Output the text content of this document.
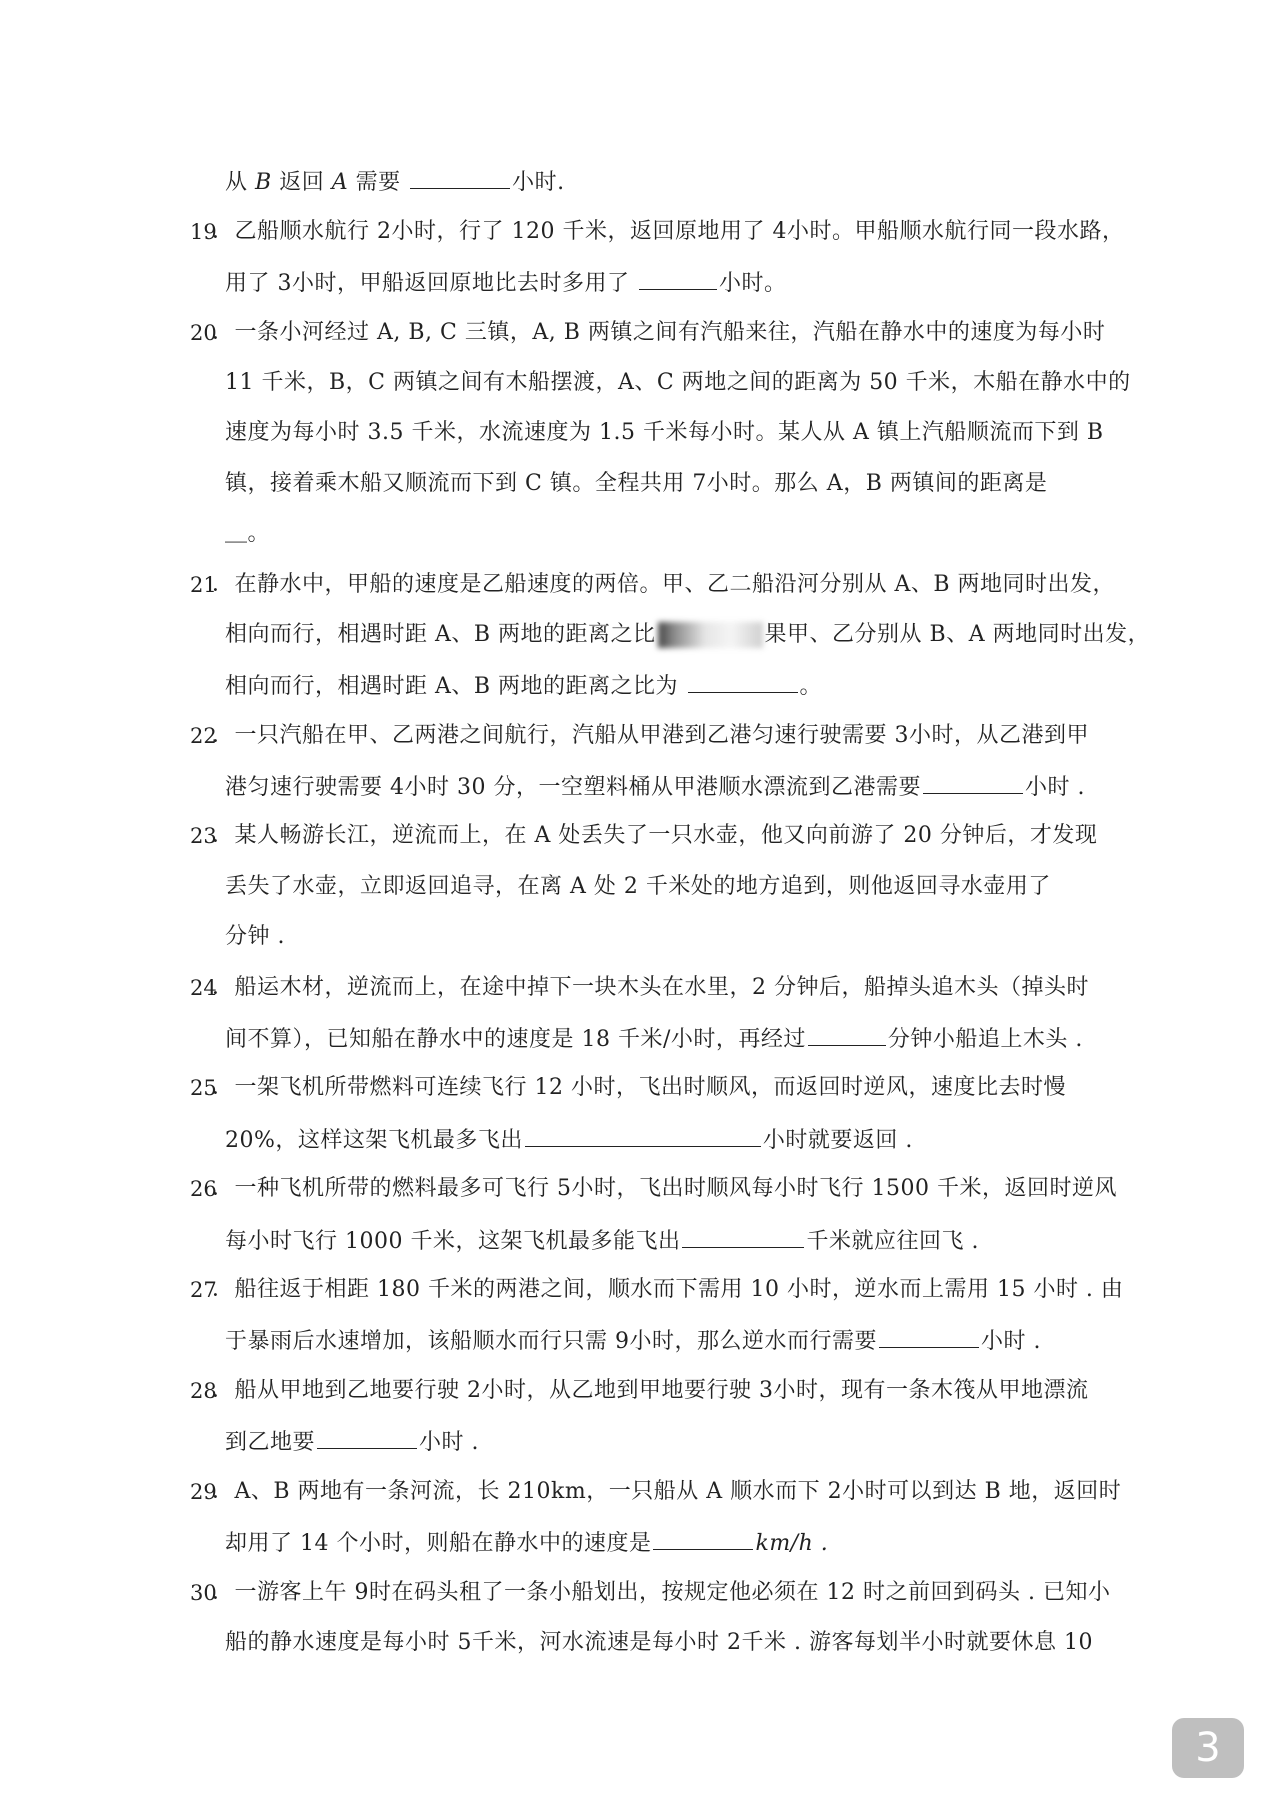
从 B 返回 A 需要	小时.
19
．乙船顺水航行 2小时，行了 120 千米，返回原地用了 4小时。甲船顺水航行同一段水路，
用了 3小时，甲船返回原地比去时多用了	小时。
20
．一条小河经过 A, B, C 三镇，A, B 两镇之间有汽船来往，汽船在静水中的速度为每小时
11 千米，B，C 两镇之间有木船摆渡，A、C 两地之间的距离为 50 千米，木船在静水中的
速度为每小时 3.5 千米，水流速度为 1.5 千米每小时。某人从 A 镇上汽船顺流而下到 B
镇，接着乘木船又顺流而下到 C 镇。全程共用 7小时。那么 A，B 两镇间的距离是
＿。
21
．在静水中，甲船的速度是乙船速度的两倍。甲、乙二船沿河分别从 A、B 两地同时出发，
相向而行，相遇时距 A、B 两地的距离之比	果甲、乙分别从 B、A 两地同时出发，
相向而行，相遇时距 A、B 两地的距离之比为	。
22
．一只汽船在甲、乙两港之间航行，汽船从甲港到乙港匀速行驶需要 3小时，从乙港到甲
港匀速行驶需要 4小时 30 分，一空塑料桶从甲港顺水漂流到乙港需要	小时 .
23
．某人畅游长江，逆流而上，在 A 处丢失了一只水壶，他又向前游了 20 分钟后，才发现
丢失了水壶，立即返回追寻，在离 A 处 2 千米处的地方追到，则他返回寻水壶用了
分钟 .
24
．船运木材，逆流而上，在途中掉下一块木头在水里，2 分钟后，船掉头追木头（掉头时
间不算），已知船在静水中的速度是 18 千米/小时，再经过	分钟小船追上木头 .
25
．一架飞机所带燃料可连续飞行 12 小时，飞出时顺风，而返回时逆风，速度比去时慢
20%，这样这架飞机最多飞出	小时就要返回 .
26
．一种飞机所带的燃料最多可飞行 5小时，飞出时顺风每小时飞行 1500 千米，返回时逆风
每小时飞行 1000 千米，这架飞机最多能飞出	千米就应往回飞 .
27
．船往返于相距 180 千米的两港之间，顺水而下需用 10 小时，逆水而上需用 15 小时 . 由
于暴雨后水速增加，该船顺水而行只需 9小时，那么逆水而行需要	小时 .
28
．船从甲地到乙地要行驶 2小时，从乙地到甲地要行驶 3小时，现有一条木筏从甲地漂流
到乙地要	小时 .
29
．A、B 两地有一条河流，长 210km，一只船从 A 顺水而下 2小时可以到达 B 地，返回时
却用了 14 个小时，则船在静水中的速度是	km/h .
30
．一游客上午 9时在码头租了一条小船划出，按规定他必须在 12 时之前回到码头 . 已知小
船的静水速度是每小时 5千米，河水流速是每小时 2千米 . 游客每划半小时就要休息 10
3
